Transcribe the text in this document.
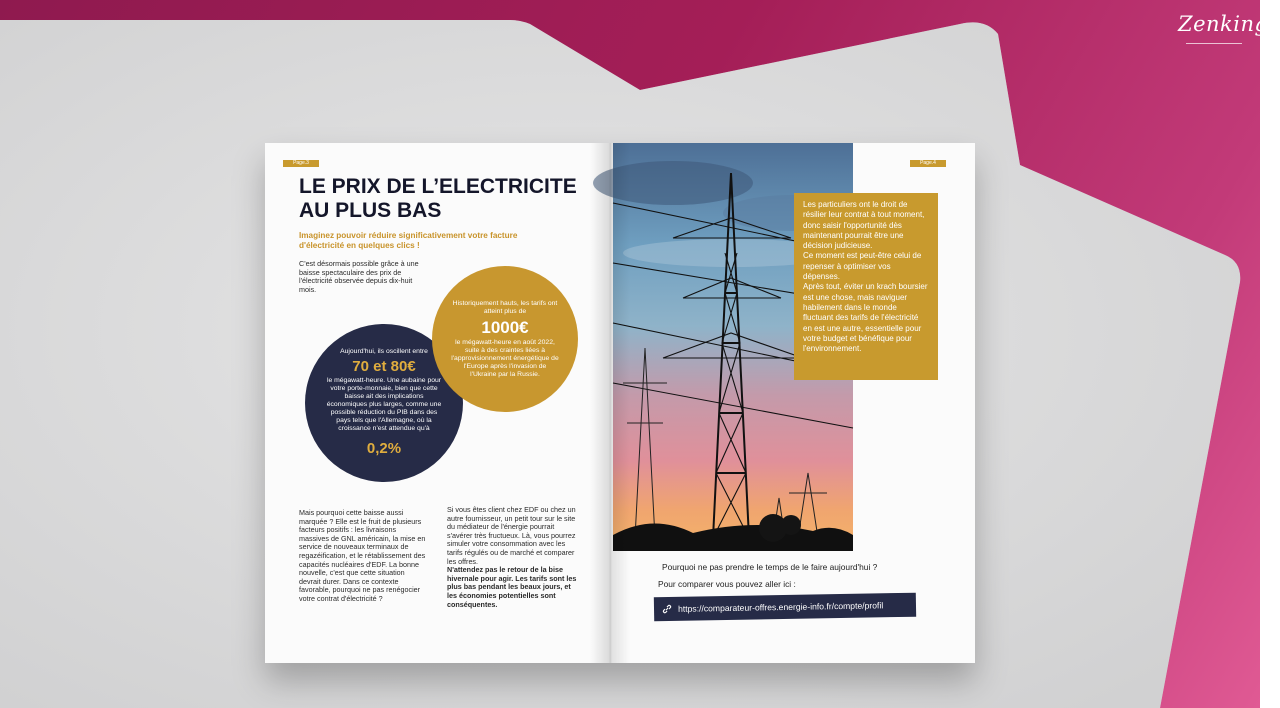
Zenkings
Page.3
LE PRIX DE L’ELECTRICITE
AU PLUS BAS
Imaginez pouvoir réduire significativement votre facture d'électricité en quelques clics !
C'est désormais possible grâce à une baisse spectaculaire des prix de l'électricité observée depuis dix-huit mois.
Aujourd'hui, ils oscillent entre
70 et 80€
le mégawatt-heure. Une aubaine pour votre porte-monnaie, bien que cette baisse ait des implications économiques plus larges, comme une possible réduction du PIB dans des pays tels que l'Allemagne, où la croissance n'est attendue qu'à
0,2%
Historiquement hauts, les tarifs ont atteint plus de
1000€
le mégawatt-heure en août 2022, suite à des craintes liées à l'approvisionnement énergétique de l'Europe après l'invasion de l'Ukraine par la Russie.
Mais pourquoi cette baisse aussi marquée ? Elle est le fruit de plusieurs facteurs positifs : les livraisons massives de GNL américain, la mise en service de nouveaux terminaux de regazéification, et le rétablissement des capacités nucléaires d'EDF. La bonne nouvelle, c'est que cette situation devrait durer. Dans ce contexte favorable, pourquoi ne pas renégocier votre contrat d'électricité ?
Si vous êtes client chez EDF ou chez un autre fournisseur, un petit tour sur le site du médiateur de l'énergie pourrait s'avérer très fructueux. Là, vous pourrez simuler votre consommation avec les tarifs régulés ou de marché et comparer les offres.
N'attendez pas le retour de la bise hivernale pour agir. Les tarifs sont les plus bas pendant les beaux jours, et les économies potentielles sont conséquentes.
Page.4
Les particuliers ont le droit de résilier leur contrat à tout moment, donc saisir l'opportunité dès maintenant pourrait être une décision judicieuse.
Ce moment est peut-être celui de repenser à optimiser vos dépenses.
Après tout, éviter un krach boursier est une chose, mais naviguer habilement dans le monde fluctuant des tarifs de l'électricité en est une autre, essentielle pour votre budget et bénéfique pour l'environnement.
Pourquoi ne pas prendre le temps de le faire aujourd'hui ?
Pour comparer vous pouvez aller ici :
https://comparateur-offres.energie-info.fr/compte/profil
